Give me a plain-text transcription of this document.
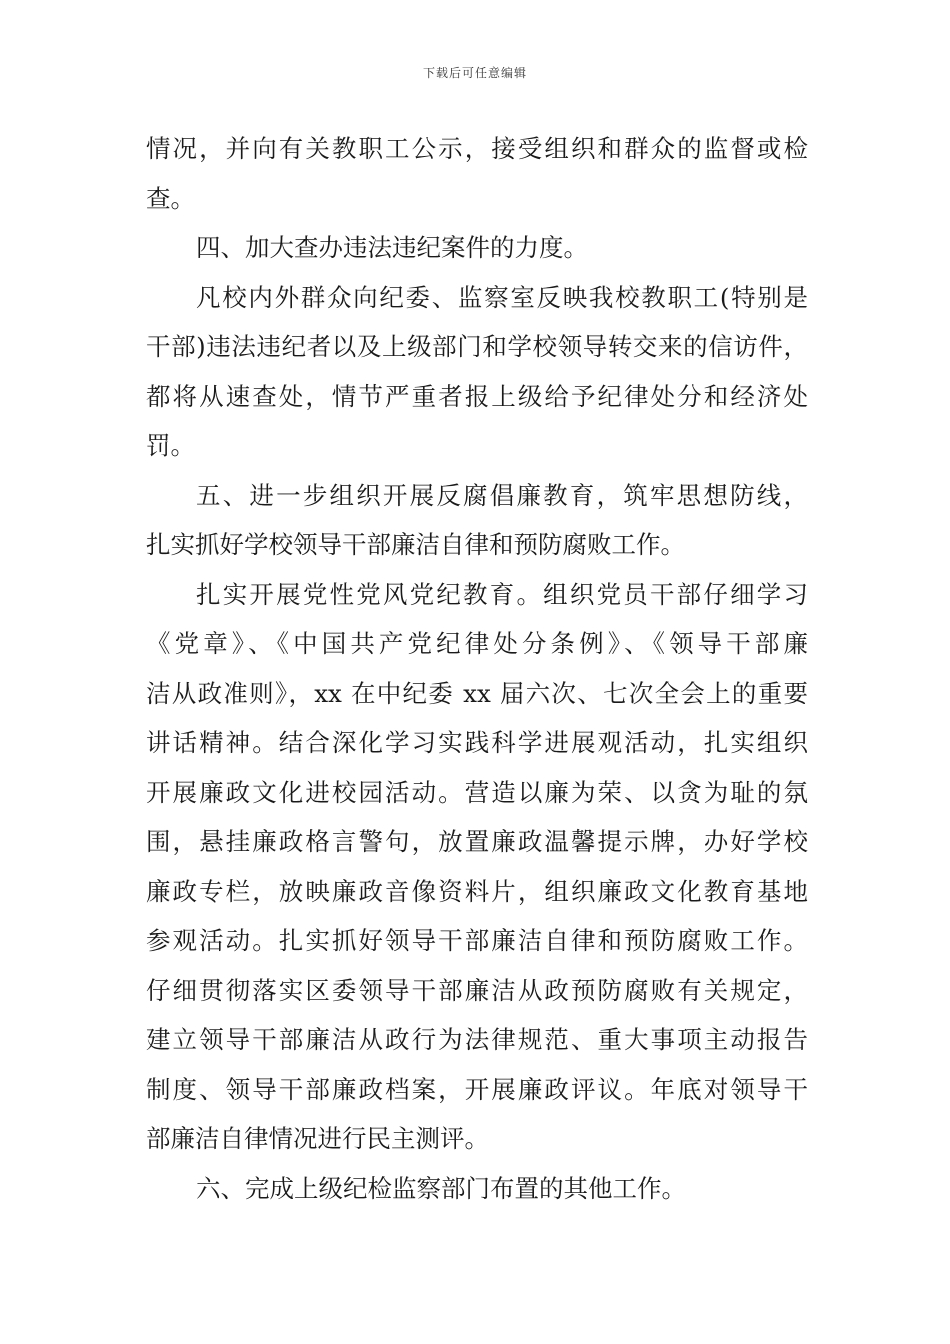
下载后可任意编辑
情况，并向有关教职工公示，接受组织和群众的监督或检
查。
四、加大查办违法违纪案件的力度。
凡校内外群众向纪委、监察室反映我校教职工(特别是
干部)违法违纪者以及上级部门和学校领导转交来的信访件，
都将从速查处，情节严重者报上级给予纪律处分和经济处
罚。
五、进一步组织开展反腐倡廉教育，筑牢思想防线，
扎实抓好学校领导干部廉洁自律和预防腐败工作。
扎实开展党性党风党纪教育。组织党员干部仔细学习
《党章》、《中国共产党纪律处分条例》、《领导干部廉
洁从政准则》，xx 在中纪委 xx 届六次、七次全会上的重要
讲话精神。结合深化学习实践科学进展观活动，扎实组织
开展廉政文化进校园活动。营造以廉为荣、以贪为耻的氛
围，悬挂廉政格言警句，放置廉政温馨提示牌，办好学校
廉政专栏，放映廉政音像资料片，组织廉政文化教育基地
参观活动。扎实抓好领导干部廉洁自律和预防腐败工作。
仔细贯彻落实区委领导干部廉洁从政预防腐败有关规定，
建立领导干部廉洁从政行为法律规范、重大事项主动报告
制度、领导干部廉政档案，开展廉政评议。年底对领导干
部廉洁自律情况进行民主测评。
六、完成上级纪检监察部门布置的其他工作。
